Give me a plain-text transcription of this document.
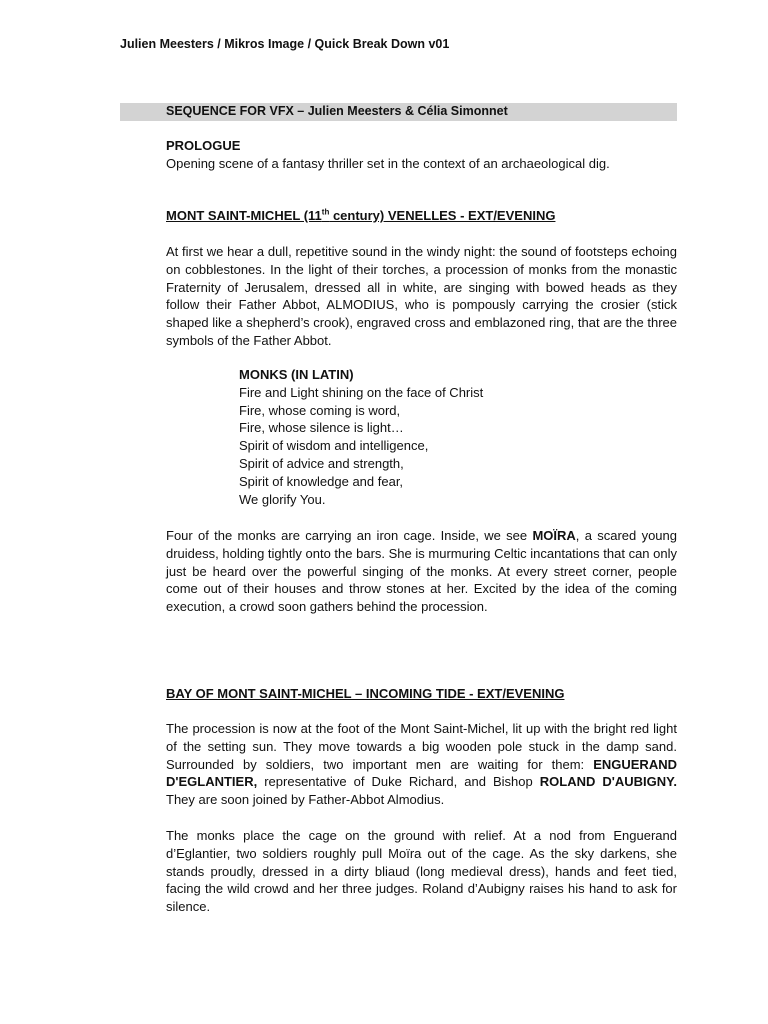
Julien Meesters / Mikros Image / Quick Break Down v01
SEQUENCE FOR VFX – Julien Meesters & Célia Simonnet
PROLOGUE
Opening scene of a fantasy thriller set in the context of an archaeological dig.
MONT SAINT-MICHEL (11th century) VENELLES - EXT/EVENING
At first we hear a dull, repetitive sound in the windy night: the sound of footsteps echoing on cobblestones. In the light of their torches, a procession of monks from the monastic Fraternity of Jerusalem, dressed all in white, are singing with bowed heads as they follow their Father Abbot, ALMODIUS, who is pompously carrying the crosier (stick shaped like a shepherd’s crook), engraved cross and emblazoned ring, that are the three symbols of the Father Abbot.
MONKS (IN LATIN)
Fire and Light shining on the face of Christ
Fire, whose coming is word,
Fire, whose silence is light…
Spirit of wisdom and intelligence,
Spirit of advice and strength,
Spirit of knowledge and fear,
We glorify You.
Four of the monks are carrying an iron cage. Inside, we see MOÏRA, a scared young druidess, holding tightly onto the bars. She is murmuring Celtic incantations that can only just be heard over the powerful singing of the monks. At every street corner, people come out of their houses and throw stones at her. Excited by the idea of the coming execution, a crowd soon gathers behind the procession.
BAY OF MONT SAINT-MICHEL – INCOMING TIDE - EXT/EVENING
The procession is now at the foot of the Mont Saint-Michel, lit up with the bright red light of the setting sun. They move towards a big wooden pole stuck in the damp sand. Surrounded by soldiers, two important men are waiting for them: ENGUERAND D'EGLANTIER, representative of Duke Richard, and Bishop ROLAND D'AUBIGNY. They are soon joined by Father-Abbot Almodius.
The monks place the cage on the ground with relief. At a nod from Enguerand d’Eglantier, two soldiers roughly pull Moïra out of the cage. As the sky darkens, she stands proudly, dressed in a dirty bliaud (long medieval dress), hands and feet tied, facing the wild crowd and her three judges. Roland d’Aubigny raises his hand to ask for silence.
